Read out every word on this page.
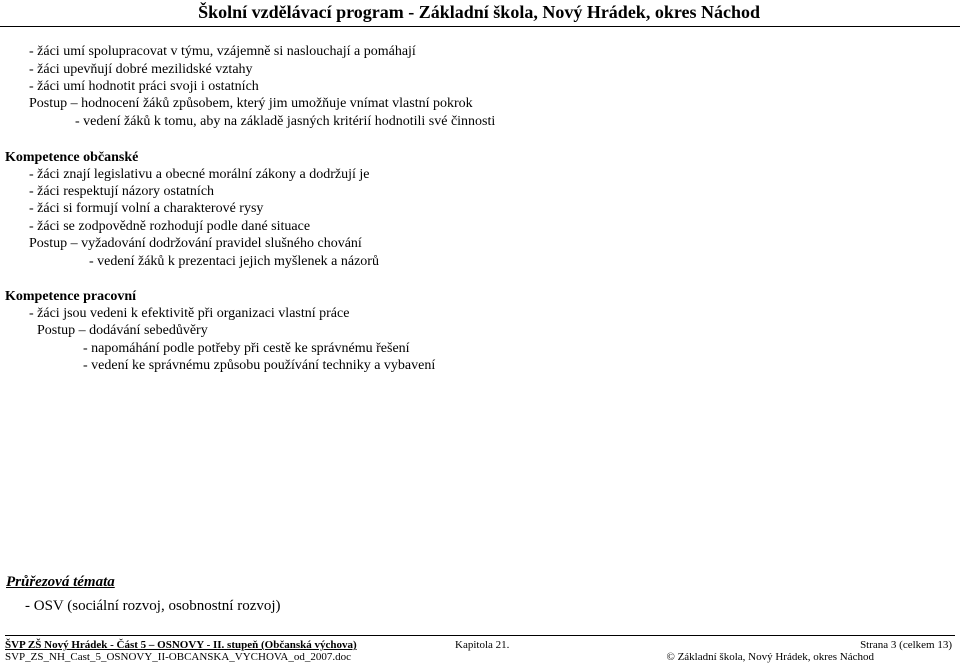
Školní vzdělávací program - Základní škola, Nový Hrádek, okres Náchod
- žáci umí spolupracovat v týmu, vzájemně si naslouchají a pomáhají
- žáci upevňují dobré mezilidské vztahy
- žáci umí hodnotit práci svoji i ostatních
Postup – hodnocení žáků způsobem, který jim umožňuje vnímat vlastní pokrok
- vedení žáků k tomu, aby na základě jasných kritérií hodnotili své činnosti
Kompetence občanské
- žáci znají legislativu a obecné morální zákony a dodržují je
- žáci respektují názory ostatních
- žáci si formují volní a charakterové rysy
- žáci se zodpovědně rozhodují podle dané situace
Postup – vyžadování dodržování pravidel slušného chování
- vedení žáků k prezentaci jejich myšlenek a názorů
Kompetence pracovní
- žáci jsou vedeni k efektivitě při organizaci vlastní práce
Postup – dodávání sebedůvěry
- napomáhání podle potřeby při cestě ke správnému řešení
- vedení ke správnému způsobu používání techniky a vybavení
Průřezová témata
- OSV (sociální rozvoj, osobnostní rozvoj)
ŠVP ZŠ Nový Hrádek - Část 5 – OSNOVY - II. stupeň (Občanská výchova)	Kapitola 21.	Strana 3 (celkem 13)
SVP_ZS_NH_Cast_5_OSNOVY_II-OBCANSKA_VYCHOVA_od_2007.doc	© Základní škola, Nový Hrádek, okres Náchod
